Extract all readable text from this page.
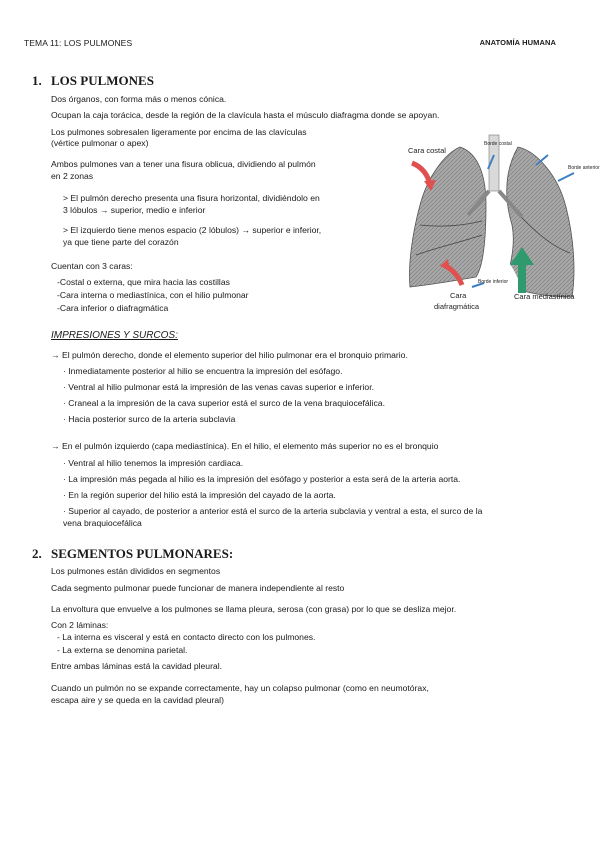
TEMA 11: LOS PULMONES	ANATOMÍA HUMANA
1. LOS PULMONES
Dos órganos, con forma más o menos cónica.
Ocupan la caja torácica, desde la región de la clavícula hasta el músculo diafragma donde se apoyan.
Los pulmones sobresalen ligeramente por encima de las clavículas
(vértice pulmonar o apex)
Ambos pulmones van a tener una fisura oblicua, dividiendo al pulmón
en 2 zonas
> El pulmón derecho presenta una fisura horizontal, dividiéndolo en
3 lóbulos → superior, medio e inferior
> El izquierdo tiene menos espacio (2 lóbulos) → superior e inferior,
ya que tiene parte del corazón
Cuentan con 3 caras:
-Costal o externa, que mira hacia las costillas
-Cara interna o mediastínica, con el hilio pulmonar
-Cara inferior o diafragmática
Cara costal
Borde costal
Borde anterior
Borde inferior
Cara
diafragmática
Cara mediastínica
IMPRESIONES Y SURCOS:
→ El pulmón derecho, donde el elemento superior del hilio pulmonar era el bronquio primario.
· Inmediatamente posterior al hilio se encuentra la impresión del esófago.
· Ventral al hilio pulmonar está la impresión de las venas cavas superior e inferior.
· Craneal a la impresión de la cava superior está el surco de la vena braquiocefálica.
· Hacia posterior surco de la arteria subclavia
→ En el pulmón izquierdo (capa mediastínica). En el hilio, el elemento más superior no es el bronquio
· Ventral al hilio tenemos la impresión cardiaca.
· La impresión más pegada al hilio es la impresión del esófago y posterior a esta será de la arteria aorta.
· En la región superior del hilio está la impresión del cayado de la aorta.
· Superior al cayado, de posterior a anterior está el surco de la arteria subclavia y ventral a esta, el surco de la
vena braquiocefálica
2. SEGMENTOS PULMONARES:
Los pulmones están divididos en segmentos
Cada segmento pulmonar puede funcionar de manera independiente al resto
La envoltura que envuelve a los pulmones se llama pleura, serosa (con grasa) por lo que se desliza mejor.
Con 2 láminas:
- La interna es visceral y está en contacto directo con los pulmones.
- La externa se denomina parietal.
Entre ambas láminas está la cavidad pleural.
Cuando un pulmón no se expande correctamente, hay un colapso pulmonar (como en neumotórax,
escapa aire y se queda en la cavidad pleural)
